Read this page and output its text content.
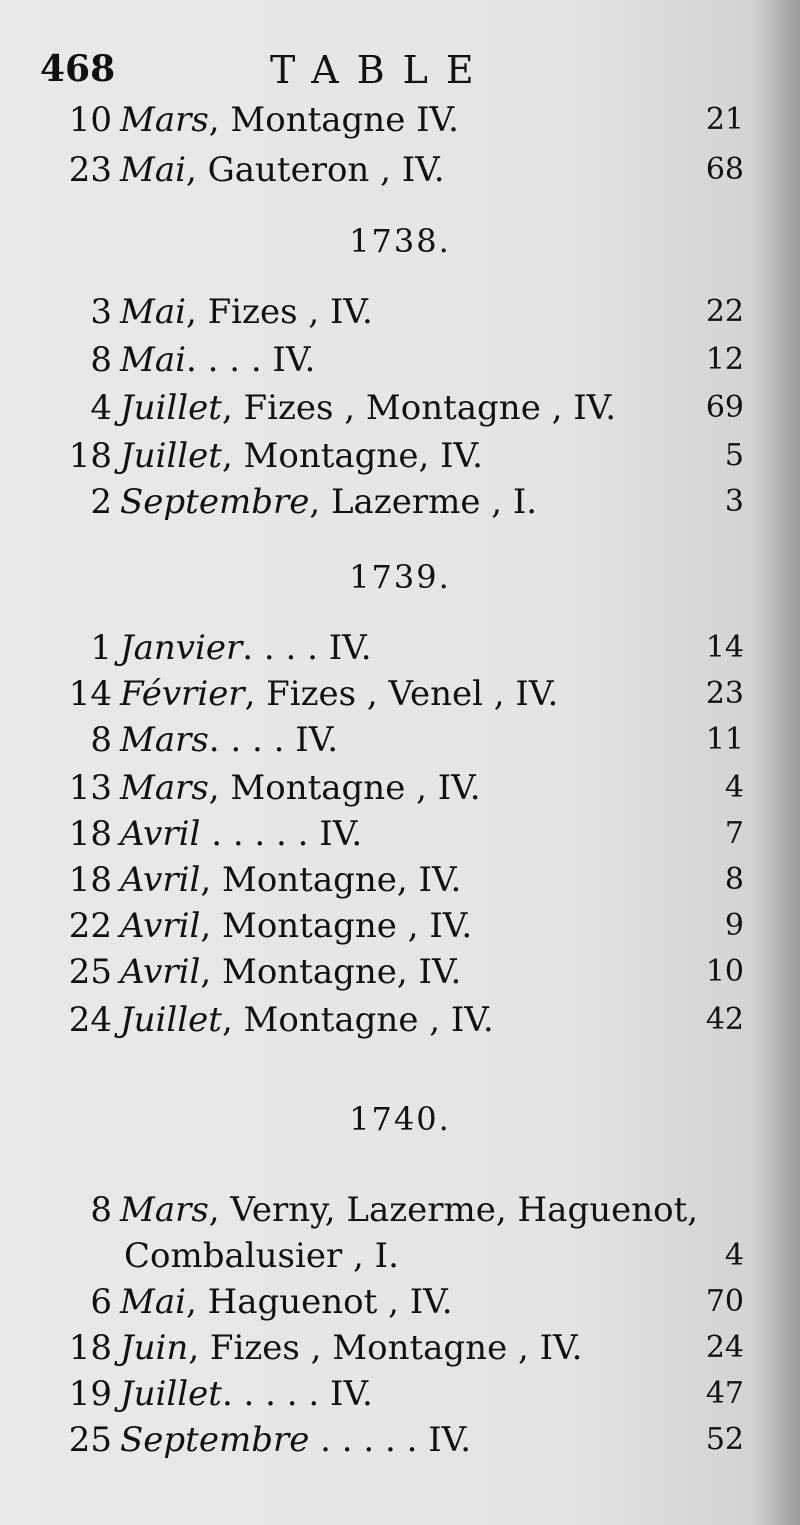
468	TABLE
10 Mars, Montagne IV.	21
23 Mai, Gauteron , IV.	68
1738.
3 Mai, Fizes , IV.	22
8 Mai. . . . IV.	12
4 Juillet, Fizes , Montagne , IV.	69
18 Juillet, Montagne, IV.	5
2 Septembre, Lazerme , I.	3
1739.
1 Janvier. . . . IV.	14
14 Février, Fizes , Venel , IV.	23
8 Mars. . . . IV.	11
13 Mars, Montagne , IV.	4
18 Avril . . . . . IV.	7
18 Avril, Montagne, IV.	8
22 Avril, Montagne , IV.	9
25 Avril, Montagne, IV.	10
24 Juillet, Montagne , IV.	42
1740.
8 Mars, Verny, Lazerme, Haguenot,
Combalusier , I.	4
6 Mai, Haguenot , IV.	70
18 Juin, Fizes , Montagne , IV.	24
19 Juillet. . . . . IV.	47
25 Septembre . . . . . IV.	52
